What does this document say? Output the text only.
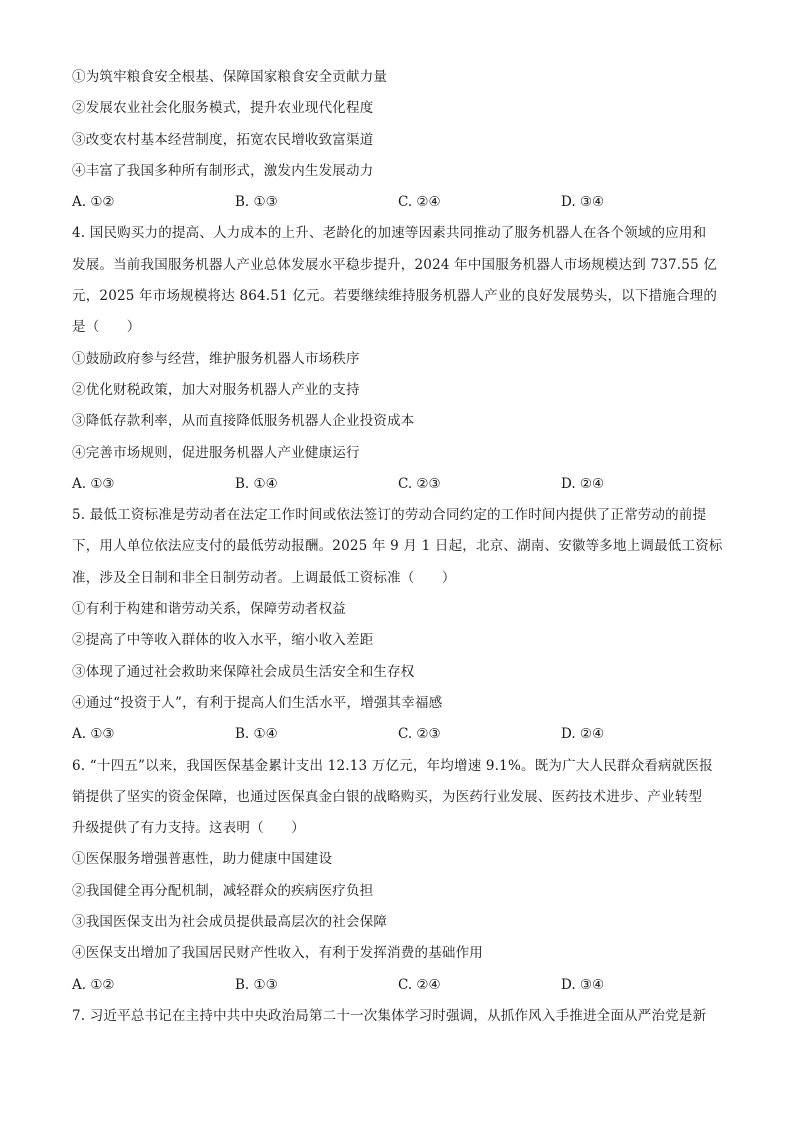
①为筑牢粮食安全根基、保障国家粮食安全贡献力量
②发展农业社会化服务模式，提升农业现代化程度
③改变农村基本经营制度，拓宽农民增收致富渠道
④丰富了我国多种所有制形式，激发内生发展动力
A. ①②	B. ①③	C. ②④	D. ③④
4. 国民购买力的提高、人力成本的上升、老龄化的加速等因素共同推动了服务机器人在各个领域的应用和
发展。当前我国服务机器人产业总体发展水平稳步提升，2024 年中国服务机器人市场规模达到 737.55 亿
元，2025 年市场规模将达 864.51 亿元。若要继续维持服务机器人产业的良好发展势头，以下措施合理的
是（　　）
①鼓励政府参与经营，维护服务机器人市场秩序
②优化财税政策，加大对服务机器人产业的支持
③降低存款利率，从而直接降低服务机器人企业投资成本
④完善市场规则，促进服务机器人产业健康运行
A. ①③	B. ①④	C. ②③	D. ②④
5. 最低工资标准是劳动者在法定工作时间或依法签订的劳动合同约定的工作时间内提供了正常劳动的前提
下，用人单位依法应支付的最低劳动报酬。2025 年 9 月 1 日起，北京、湖南、安徽等多地上调最低工资标
准，涉及全日制和非全日制劳动者。上调最低工资标准（　　）
①有利于构建和谐劳动关系，保障劳动者权益
②提高了中等收入群体的收入水平，缩小收入差距
③体现了通过社会救助来保障社会成员生活安全和生存权
④通过“投资于人”，有利于提高人们生活水平，增强其幸福感
A. ①③	B. ①④	C. ②③	D. ②④
6. “十四五”以来，我国医保基金累计支出 12.13 万亿元，年均增速 9.1%。既为广大人民群众看病就医报
销提供了坚实的资金保障，也通过医保真金白银的战略购买，为医药行业发展、医药技术进步、产业转型
升级提供了有力支持。这表明（　　）
①医保服务增强普惠性，助力健康中国建设
②我国健全再分配机制，减轻群众的疾病医疗负担
③我国医保支出为社会成员提供最高层次的社会保障
④医保支出增加了我国居民财产性收入，有利于发挥消费的基础作用
A. ①②	B. ①③	C. ②④	D. ③④
7. 习近平总书记在主持中共中央政治局第二十一次集体学习时强调，从抓作风入手推进全面从严治党是新
